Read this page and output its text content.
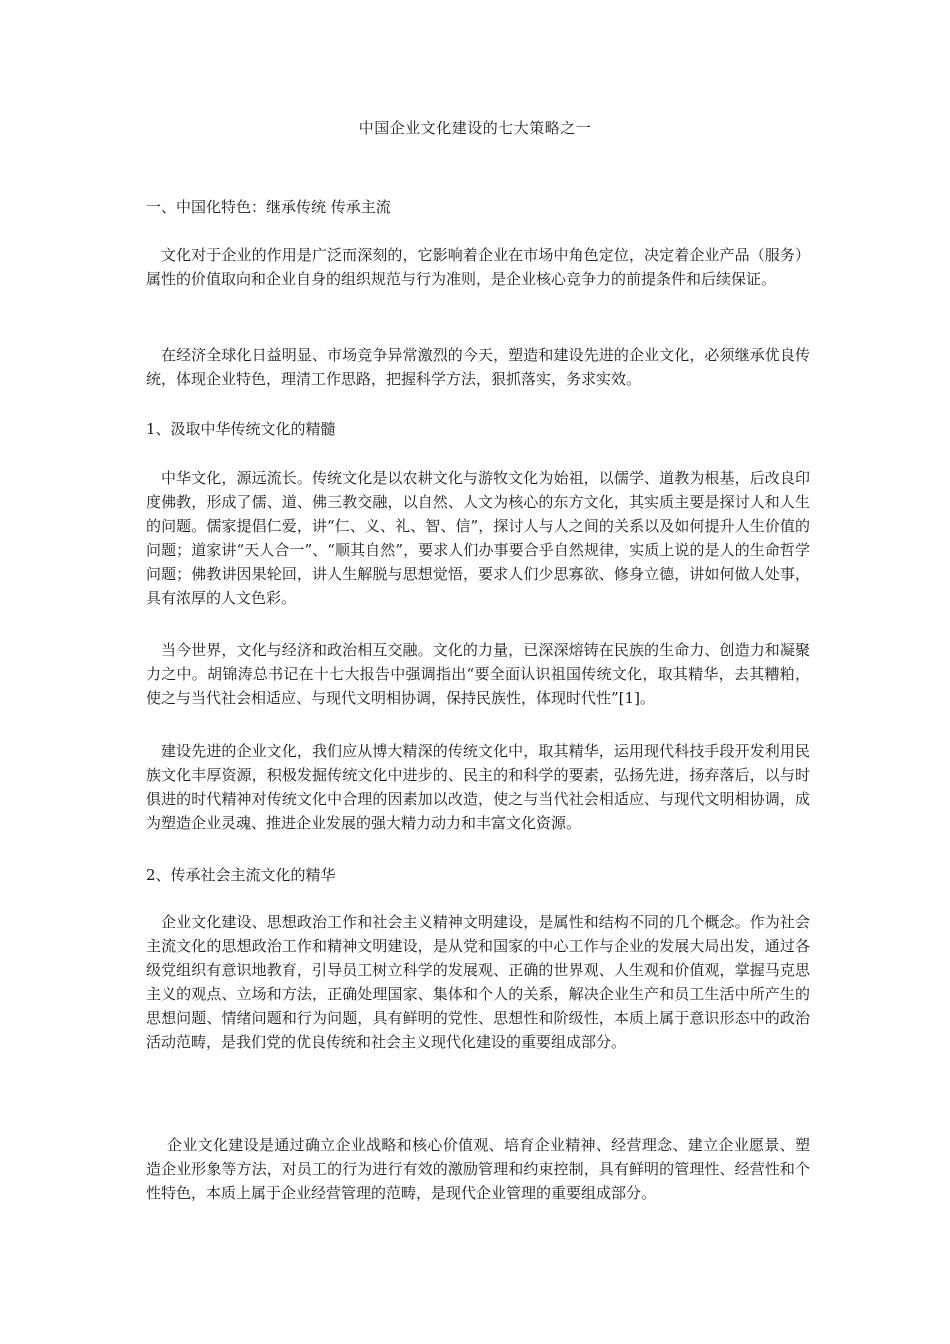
中国企业文化建设的七大策略之一

一、中国化特色：继承传统 传承主流

文化对于企业的作用是广泛而深刻的，它影响着企业在市场中角色定位，决定着企业产品（服务）属性的价值取向和企业自身的组织规范与行为准则，是企业核心竞争力的前提条件和后续保证。

在经济全球化日益明显、市场竞争异常激烈的今天，塑造和建设先进的企业文化，必须继承优良传统，体现企业特色，理清工作思路，把握科学方法，狠抓落实，务求实效。

1、汲取中华传统文化的精髓

中华文化，源远流长。传统文化是以农耕文化与游牧文化为始祖，以儒学、道教为根基，后改良印度佛教，形成了儒、道、佛三教交融，以自然、人文为核心的东方文化，其实质主要是探讨人和人生的问题。儒家提倡仁爱，讲“仁、义、礼、智、信”，探讨人与人之间的关系以及如何提升人生价值的问题；道家讲“天人合一”、“顺其自然”，要求人们办事要合乎自然规律，实质上说的是人的生命哲学问题；佛教讲因果轮回，讲人生解脱与思想觉悟，要求人们少思寡欲、修身立德，讲如何做人处事，具有浓厚的人文色彩。

当今世界，文化与经济和政治相互交融。文化的力量，已深深熔铸在民族的生命力、创造力和凝聚力之中。胡锦涛总书记在十七大报告中强调指出“要全面认识祖国传统文化，取其精华，去其糟粕，使之与当代社会相适应、与现代文明相协调，保持民族性，体现时代性”[1]。

建设先进的企业文化，我们应从博大精深的传统文化中，取其精华，运用现代科技手段开发利用民族文化丰厚资源，积极发掘传统文化中进步的、民主的和科学的要素，弘扬先进，扬弃落后，以与时俱进的时代精神对传统文化中合理的因素加以改造，使之与当代社会相适应、与现代文明相协调，成为塑造企业灵魂、推进企业发展的强大精力动力和丰富文化资源。

2、传承社会主流文化的精华

企业文化建设、思想政治工作和社会主义精神文明建设，是属性和结构不同的几个概念。作为社会主流文化的思想政治工作和精神文明建设，是从党和国家的中心工作与企业的发展大局出发，通过各级党组织有意识地教育，引导员工树立科学的发展观、正确的世界观、人生观和价值观，掌握马克思主义的观点、立场和方法，正确处理国家、集体和个人的关系，解决企业生产和员工生活中所产生的思想问题、情绪问题和行为问题，具有鲜明的党性、思想性和阶级性，本质上属于意识形态中的政治活动范畴，是我们党的优良传统和社会主义现代化建设的重要组成部分。

企业文化建设是通过确立企业战略和核心价值观、培育企业精神、经营理念、建立企业愿景、塑造企业形象等方法，对员工的行为进行有效的激励管理和约束控制，具有鲜明的管理性、经营性和个性特色，本质上属于企业经营管理的范畴，是现代企业管理的重要组成部分。
